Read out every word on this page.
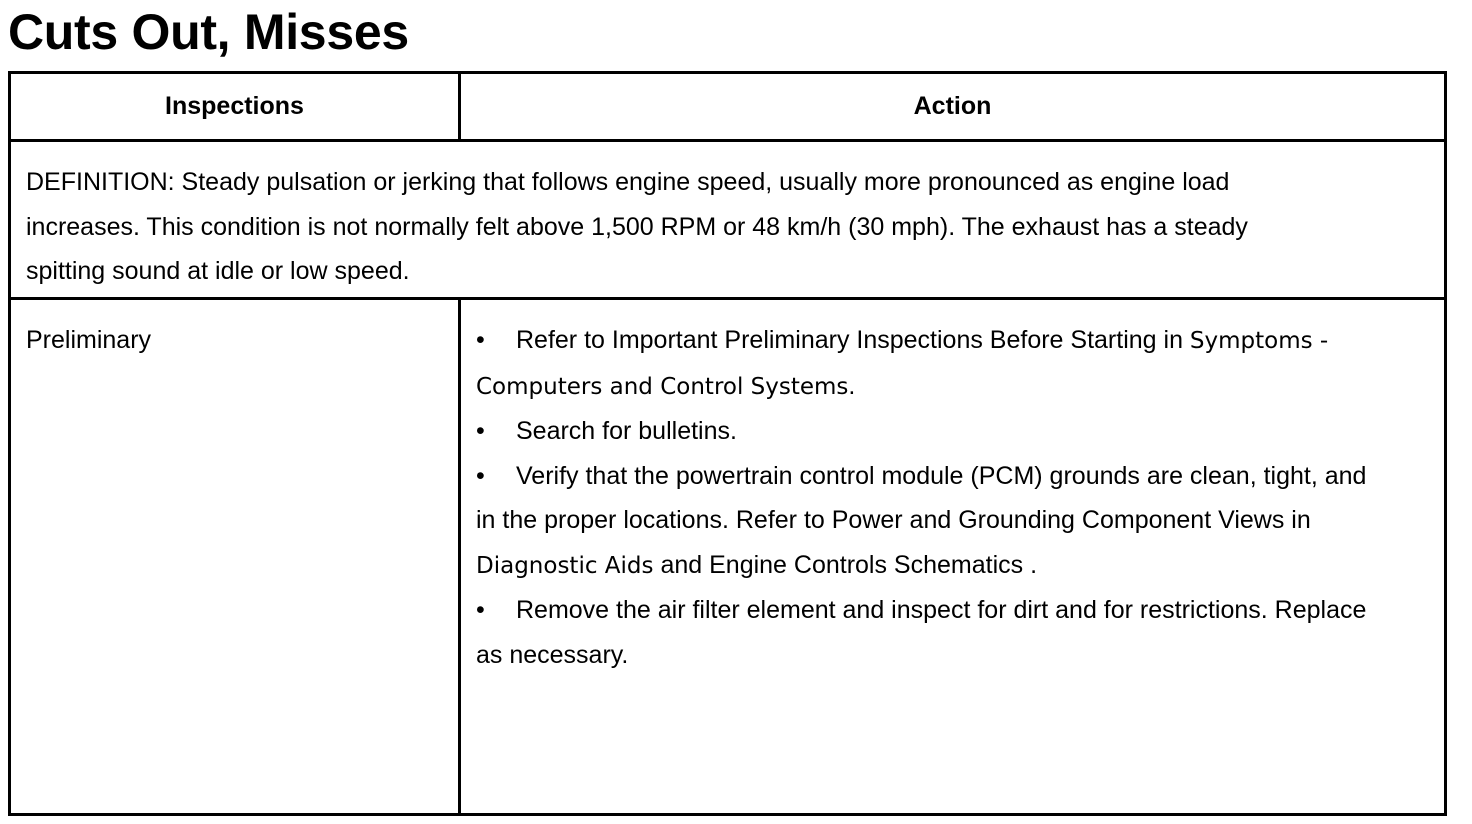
Cuts Out, Misses
Inspections	Action

DEFINITION: Steady pulsation or jerking that follows engine speed, usually more pronounced as engine load increases. This condition is not normally felt above 1,500 RPM or 48 km/h (30 mph). The exhaust has a steady spitting sound at idle or low speed.	

Preliminary	• Refer to Important Preliminary Inspections Before Starting in Symptoms - Computers and Control Systems.
• Search for bulletins.
• Verify that the powertrain control module (PCM) grounds are clean, tight, and in the proper locations. Refer to Power and Grounding Component Views in Diagnostic Aids and Engine Controls Schematics .
• Remove the air filter element and inspect for dirt and for restrictions. Replace as necessary.
